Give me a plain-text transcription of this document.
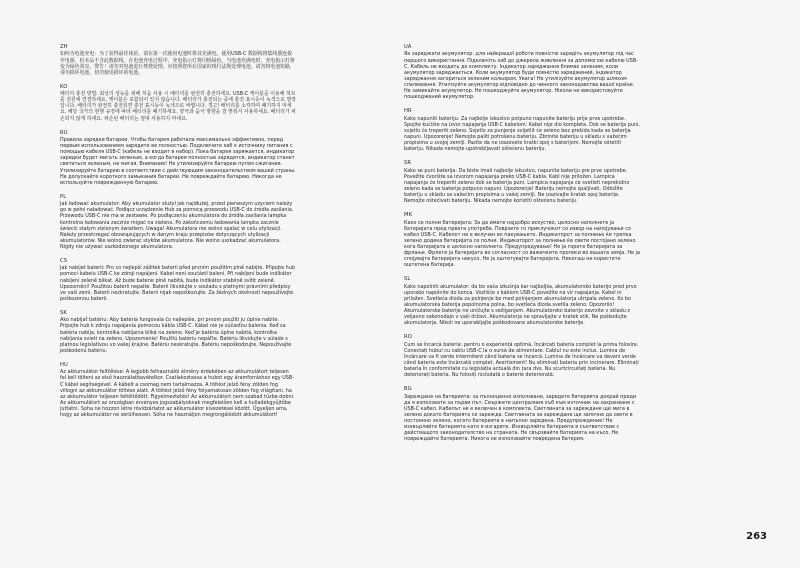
ZH
如何为电池充电：为了获得最佳体验，请在第一次使用电池时将其充满电。使用USB-C 数据线将集线器连接至电源，但本品不含此数据线。在电池充电过程中，充电指示灯将闪烁绿色。当电池充满电时，充电指示灯将变为绿色常亮。警告！请勿对电池进行焚烧处理，应按照您所在国家的现行法规处理电池。请勿将电池短路，请勿损坏电池，切勿使用损坏的电池。
KO
배터리 충전 방법: 최상의 성능을 위해 처음 사용 시 배터리를 완전히 충전하세요. USB-C 케이블을 이용해 허브를 전원에 연결하세요. 케이블은 포함되어 있지 않습니다. 배터리가 충전되는 중에 충전 표시등이 녹색으로 깜박입니다. 배터리가 완전히 충전되면 충전 표시등이 녹색으로 바뀝니다. 경고! 배터리를 소각하여 폐기하지 마세요. 해당 국가의 현행 규정에 따라 배터리를 폐기하세요. 양극과 음극 방향을 잘 맞춰서 사용하세요. 배터리가 파손되지 않게 하세요. 파손된 배터리는 절대 사용하지 마세요.
RU
Правила зарядки батареи. Чтобы батарея работала максимально эффективно, перед первым использованием зарядите ее полностью. Подключите хаб к источнику питания с помощью кабеля USB-C (кабель не входит в набор). Пока батарея заряжается, индикатор зарядки будет мигать зеленым, а когда батарея полностью зарядится, индикатор станет светиться зеленым, не мигая. Внимание! Не утилизируйте батарею путем сжигания. Утилизируйте батарею в соответствии с действующим законодательством вашей страны. Не допускайте короткого замыкания батареи. Не повреждайте батарею. Никогда не используйте поврежденную батарею.
PL
Jak ładować akumulator: Aby akumulator służył jak najdłużej, przed pierwszym użyciem należy go w pełni naładować. Podłącz urządzenie Hub za pomocą przewodu USB-C do źródła zasilania. Przewodu USB-C nie ma w zestawie. Po podłączeniu akumulatora do źródła zasilania lampka kontrolna ładowania zacznie migać na zielono. Po zakończeniu ładowania lampka zacznie świecić stałym zielonym światłem. Uwaga! Akumulatora nie wolno spalać w celu utylizacji. Należy przestrzegać obowiązujących w danym kraju przepisów dotyczących utylizacji akumulatorów. Nie wolno zwierać styków akumulatora. Nie wolno uszkadzać akumulatora. Nigdy nie używać uszkodzonego akumulatora.
CS
Jak nabíjet baterii: Pro co nejlepší zážitek baterii před prvním použitím plně nabijte. Připojte hub pomocí kabelu USB-C ke zdroji napájení. Kabel není součástí balení. Při nabíjení bude indikátor nabíjení zeleně blikat. Až bude baterie plně nabitá, bude indikátor stabilně svítit zeleně. Upozornění! Použitou baterii nepalte. Baterii likvidujte v souladu s platnými právními předpisy ve vaší zemi. Baterii nezkratujte. Baterii nijak nepoškozujte. Za žádných okolností nepoužívejte poškozenou baterii.
SK
Ako nabíjať batériu: Aby batéria fungovala čo najlepšie, pri prvom použití ju úplne nabite. Pripojte hub k zdroju napájania pomocou kábla USB-C. Kábel nie je súčasťou balenia. Keď sa batéria nabíja, kontrolka nabíjania bliká na zeleno. Keď je batéria úplne nabitá, kontrolka nabíjania svieti na zeleno. Upozornenie! Použitú batériu nepáľte. Batériu likvidujte v súlade s platnou legislatívou vo vašej krajine. Batériu neskratujte. Batériu nepoškodzujte. Nepoužívajte poškodenú batériu.
HU
Az akkumulátor feltöltése: A legjobb felhasználói élmény érdekében az akkumulátort teljesen fel kell tölteni az első használatbavételkor. Csatlakoztassa a hubot egy áramforráshoz egy USB-C kábel segítségével. A kábelt a csomag nem tartalmazza. A töltést jelző fény zölden fog villogni az akkumulátor töltése alatt. A töltést jelző fény folyamatosan zölden fog világítani, ha az akkumulátor teljesen feltöltődött. Figyelmeztetés! Az akkumulátort nem szabad tűzbe dobni. Az akkumulátort az országban érvényes jogszabályoknak megfelelően kell a hulladékgyűjtőbe juttatni. Soha ne hozzon létre rövidzárlatot az akkumulátor kivezetései között. Ügyeljen arra, hogy az akkumulátor ne sérülhessen. Soha ne használjon megrongálódott akkumulátort!
UA
Як заряджати акумулятор: для найкращої роботи повністю зарядіть акумулятор під час першого використання. Підключіть хаб до джерела живлення за допомогою кабелю USB-C. Кабель не входить до комплекту. Індикатор заряджання блимає зеленим, коли акумулятор заряджається. Коли акумулятор буде повністю заряджений, індикатор заряджання загориться зеленим кольором. Увага! Не утилізуйте акумулятор шляхом спалювання. Утилізуйте акумулятор відповідно до чинного законодавства вашої країни. Не замикайте акумулятор. Не пошкоджуйте акумулятор. Ніколи не використовуйте пошкоджений акумулятор.
HR
Kako napuniti bateriju: Za najbolje iskustvo potpuno napunite bateriju prije prve upotrebe. Spojite kućište na izvor napajanja USB-C kabelom. Kabel nije dio kompleta. Dok se baterija puni, svjetlo će treperiti zeleno. Svjetlo za punjenje svijetlit će zeleno bez prekida kada se baterija napuni. Upozorenje! Nemojte paliti potrošenu bateriju. Zbrinite bateriju u skladu s važećim propisima u svojoj zemlji. Pazite da ne izazovete kratki spoj s baterijom. Nemojte oštetiti bateriju. Nikada nemojte upotrebljavati oštećenu bateriju.
SR
Kako se puni baterija: Da biste imali najbolje iskustvo, napunite bateriju pre prve upotrebe. Povežite čvorište sa izvorom napajanja preko USB-C kabla. Kabl nije priložen. Lampica napajanja će treperiti zeleno dok se baterija puni. Lampica napajanja će svetleti neprekidno zeleno kada se baterija potpuno napuni. Upozorenje! Bateriju nemojte spaljivati. Odložite bateriju u skladu sa važećim propisima u vašoj zemlji. Ne izazivajte kratak spoj baterije. Nemojte oštećivati bateriju. Nikada nemojte koristiti oštećenu bateriju.
MK
Како се полни батеријата: За да имате најдобро искуство, целосно наполнете ја батеријата пред првата употреба. Поврзете го приклучокот со извор на напојување со кабел USB-C. Кабелот не е вклучен во пакувањето. Индикаторот за полнење ќе трепка зелено додека батеријата се полни. Индикаторот за полнење ќе свети постојано зелено кога батеријата е целосно наполнета. Предупредување! Не ја горете батеријата за фрлање. Фрлете ја батеријата во согласност со важечките прописи во вашата земја. Не ја спојувајте батеријата накусо. Не ја оштетувајте батеријата. Никогаш не користете оштетена батерија.
SL
Kako napolniti akumulator: da bo vaša izkušnja kar najboljša, akumulatorsko baterijo pred prvo uporabo napolnite do konca. Vozlišče s kablom USB-C povežite na vir napajanja. Kabel ni priložen. Svetleča dioda za polnjenje bo med polnjenjem akumulatorja utripala zeleno. Ko bo akumulatorska baterija popolnoma polna, bo svetleča dioda svetila zeleno. Opozorilo! Akumulatorske baterije ne uničujte s sežiganjem. Akumulatorsko baterijo zavrzite v skladu z veljavno zakonodajo v vaši državi. Akumulatorja ne spravljajte v kratek stik. Ne poškodujte akumulatorja. Nikoli ne uporabljajte poškodovane akumulatorske baterije.
RO
Cum se încarcă bateria: pentru o experiență optimă, încărcați bateria complet la prima folosire. Conectați hubul cu cablu USB-C la o sursă de alimentare. Cablul nu este inclus. Lumina de încărcare va fi verde intermitent când bateria se încarcă. Lumina de încărcare va deveni verde când bateria este încărcată complet. Avertisment! Nu eliminați bateria prin incinerare. Eliminați bateria în conformitate cu legislația actuală din țara dvs. Nu scurtcircuitați bateria. Nu deteriorați bateria. Nu folosiți niciodată o baterie deteriorată.
BG
Зареждане на батерията: за пълноценно използване, заредете батерията докрай преди да я използвате за първи път. Свържете централния хъб към източник на захранване с USB-C кабел. Кабелът не е включен в комплекта. Светлината за зареждане ще мига в зелено докато батерията се зарежда. Светлината за зареждане ще започне да свети в постоянно зелено, когато батерията е напълно заредена. Предупреждение! Не изхвърляйте батерията като я изгаряте. Изхвърляйте батерията в съответствие с действащото законодателство на страната. Не свързвайте батерията на късо. Не повреждайте батерията. Никога не използвайте повредена батерия.
263
